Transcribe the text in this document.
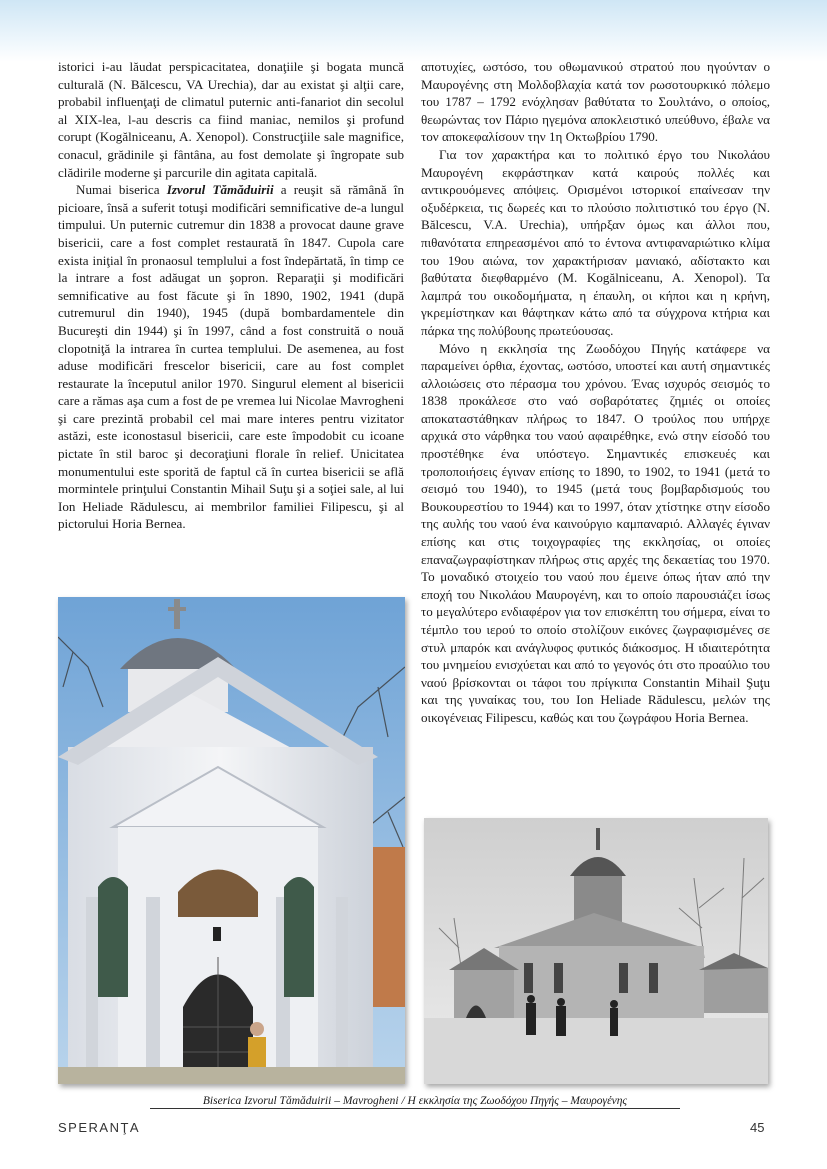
istorici i-au lăudat perspicacitatea, donaţiile şi bogata muncă culturală (N. Bălcescu, VA Urechia), dar au existat şi alţii care, probabil influenţaţi de climatul puternic anti-fanariot din secolul al XIX-lea, l-au descris ca fiind maniac, nemilos şi profund corupt (Kogălniceanu, A. Xenopol). Construcţiile sale magnifice, conacul, grădinile şi fântâna, au fost demolate şi îngropate sub clădirile moderne şi parcurile din agitata capitală.

Numai biserica Izvorul Tămăduirii a reuşit să rămână în picioare, însă a suferit totuşi modificări semnificative de-a lungul timpului. Un puternic cutremur din 1838 a provocat daune grave bisericii, care a fost complet restaurată în 1847. Cupola care exista iniţial în pronaosul templului a fost îndepărtată, în timp ce la intrare a fost adăugat un şopron. Reparaţii şi modificări semnificative au fost făcute şi în 1890, 1902, 1941 (după cutremurul din 1940), 1945 (după bombardamentele din Bucureşti din 1944) şi în 1997, când a fost construită o nouă clopotniţă la intrarea în curtea templului. De asemenea, au fost aduse modificări frescelor bisericii, care au fost complet restaurate la începutul anilor 1970. Singurul element al bisericii care a rămas aşa cum a fost de pe vremea lui Nicolae Mavrogheni şi care prezintă probabil cel mai mare interes pentru vizitator astăzi, este iconostasul bisericii, care este împodobit cu icoane pictate în stil baroc şi decoraţiuni florale în relief. Unicitatea monumentului este sporită de faptul că în curtea bisericii se află mormintele prinţului Constantin Mihail Suţu şi a soţiei sale, al lui Ion Heliade Rădulescu, ai membrilor familiei Filipescu, şi al pictorului Horia Bernea.

αποτυχίες, ωστόσο, του οθωμανικού στρατού που ηγούνταν ο Μαυρογένης στη Μολδοβλαχία κατά τον ρωσοτουρκικό πόλεμο του 1787 – 1792 ενόχλησαν βαθύτατα το Σουλτάνο, ο οποίος, θεωρώντας τον Πάριο ηγεμόνα αποκλειστικό υπεύθυνο, έβαλε να τον αποκεφαλίσουν την 1η Οκτωβρίου 1790.

Για τον χαρακτήρα και το πολιτικό έργο του Νικολάου Μαυρογένη εκφράστηκαν κατά καιρούς πολλές και αντικρουόμενες απόψεις. Ορισμένοι ιστορικοί επαίνεσαν την οξυδέρκεια, τις δωρεές και το πλούσιο πολιτιστικό του έργο (N. Bălcescu, V.A. Urechia), υπήρξαν όμως και άλλοι που, πιθανότατα επηρεασμένοι από το έντονα αντιφαναριώτικο κλίμα του 19ου αιώνα, τον χαρακτήρισαν μανιακό, αδίστακτο και βαθύτατα διεφθαρμένο (M. Kogălniceanu, A. Xenopol). Τα λαμπρά του οικοδομήματα, η έπαυλη, οι κήποι και η κρήνη, γκρεμίστηκαν και θάφτηκαν κάτω από τα σύγχρονα κτήρια και πάρκα της πολύβουης πρωτεύουσας.

Μόνο η εκκλησία της Ζωοδόχου Πηγής κατάφερε να παραμείνει όρθια, έχοντας, ωστόσο, υποστεί και αυτή σημαντικές αλλοιώσεις στο πέρασμα του χρόνου. Ένας ισχυρός σεισμός το 1838 προκάλεσε στο ναό σοβαρότατες ζημιές οι οποίες αποκαταστάθηκαν πλήρως το 1847. Ο τρούλος που υπήρχε αρχικά στο νάρθηκα του ναού αφαιρέθηκε, ενώ στην είσοδό του προστέθηκε ένα υπόστεγο. Σημαντικές επισκευές και τροποποιήσεις έγιναν επίσης το 1890, το 1902, το 1941 (μετά το σεισμό του 1940), το 1945 (μετά τους βομβαρδισμούς του Βουκουρεστίου το 1944) και το 1997, όταν χτίστηκε στην είσοδο της αυλής του ναού ένα καινούργιο καμπαναριό. Αλλαγές έγιναν επίσης και στις τοιχογραφίες της εκκλησίας, οι οποίες επαναζωγραφίστηκαν πλήρως στις αρχές της δεκαετίας του 1970. Το μοναδικό στοιχείο του ναού που έμεινε όπως ήταν από την εποχή του Νικολάου Μαυρογένη, και το οποίο παρουσιάζει ίσως το μεγαλύτερο ενδιαφέρον για τον επισκέπτη του σήμερα, είναι το τέμπλο του ιερού το οποίο στολίζουν εικόνες ζωγραφισμένες σε στυλ μπαρόκ και ανάγλυφος φυτικός διάκοσμος. Η ιδιαιτερότητα του μνημείου ενισχύεται και από το γεγονός ότι στο προαύλιο του ναού βρίσκονται οι τάφοι του πρίγκιπα Constantin Mihail Şuţu και της γυναίκας του, του Ion Heliade Rădulescu, μελών της οικογένειας Filipescu, καθώς και του ζωγράφου Horia Bernea.

Biserica Izvorul Tămăduirii – Mavrogheni / Η εκκλησία της Ζωοδόχου Πηγής – Μαυρογένης
SPERANŢA	45
